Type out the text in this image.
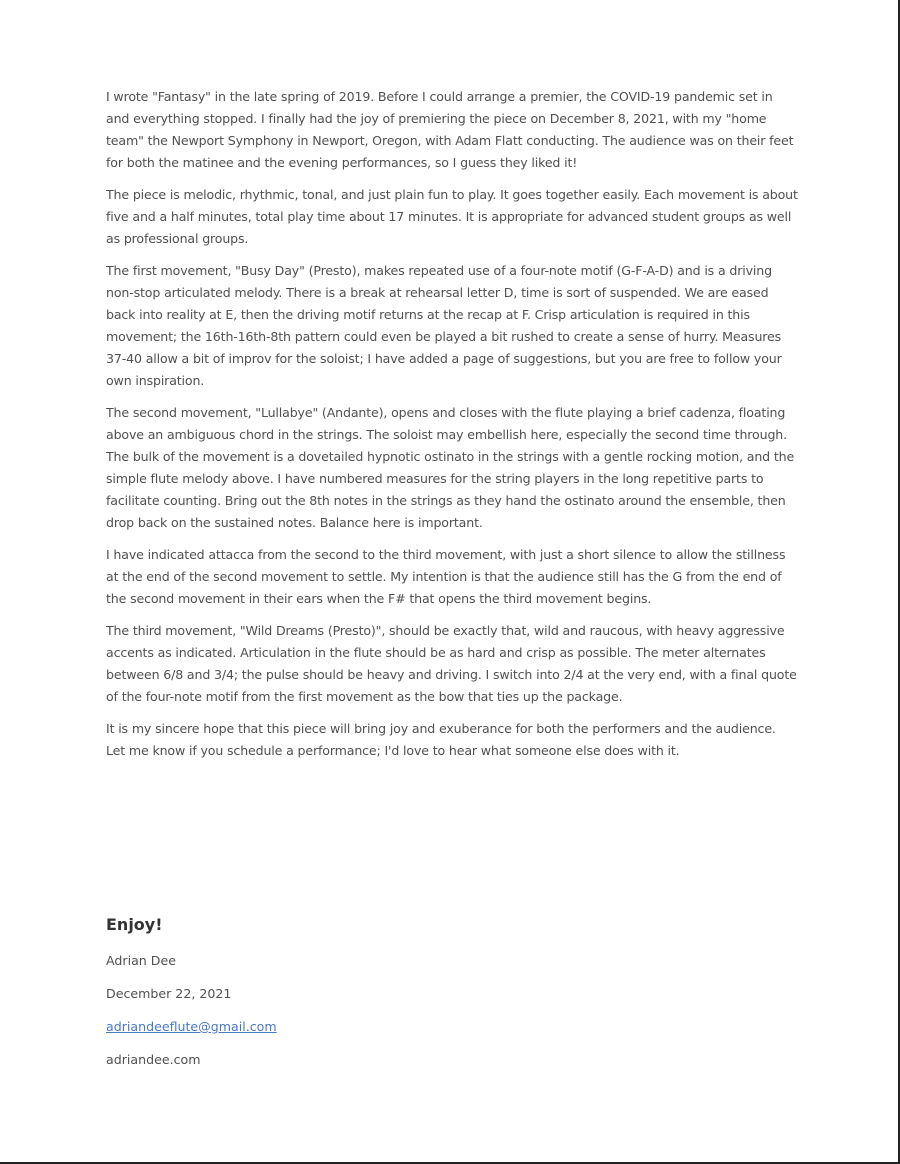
I wrote "Fantasy" in the late spring of 2019. Before I could arrange a premier, the COVID-19 pandemic set in and everything stopped. I finally had the joy of premiering the piece on December 8, 2021, with my "home team" the Newport Symphony in Newport, Oregon, with Adam Flatt conducting. The audience was on their feet for both the matinee and the evening performances, so I guess they liked it!

The piece is melodic, rhythmic, tonal, and just plain fun to play. It goes together easily. Each movement is about five and a half minutes, total play time about 17 minutes. It is appropriate for advanced student groups as well as professional groups.

The first movement, "Busy Day" (Presto), makes repeated use of a four-note motif (G-F-A-D) and is a driving non-stop articulated melody. There is a break at rehearsal letter D, time is sort of suspended. We are eased back into reality at E, then the driving motif returns at the recap at F. Crisp articulation is required in this movement; the 16th-16th-8th pattern could even be played a bit rushed to create a sense of hurry. Measures 37-40 allow a bit of improv for the soloist; I have added a page of suggestions, but you are free to follow your own inspiration.

The second movement, "Lullabye" (Andante), opens and closes with the flute playing a brief cadenza, floating above an ambiguous chord in the strings. The soloist may embellish here, especially the second time through. The bulk of the movement is a dovetailed hypnotic ostinato in the strings with a gentle rocking motion, and the simple flute melody above. I have numbered measures for the string players in the long repetitive parts to facilitate counting. Bring out the 8th notes in the strings as they hand the ostinato around the ensemble, then drop back on the sustained notes. Balance here is important.

I have indicated attacca from the second to the third movement, with just a short silence to allow the stillness at the end of the second movement to settle. My intention is that the audience still has the G from the end of the second movement in their ears when the F# that opens the third movement begins.

The third movement, "Wild Dreams (Presto)", should be exactly that, wild and raucous, with heavy aggressive accents as indicated. Articulation in the flute should be as hard and crisp as possible. The meter alternates between 6/8 and 3/4; the pulse should be heavy and driving. I switch into 2/4 at the very end, with a final quote of the four-note motif from the first movement as the bow that ties up the package.

It is my sincere hope that this piece will bring joy and exuberance for both the performers and the audience. Let me know if you schedule a performance; I'd love to hear what someone else does with it.

Enjoy!
Adrian Dee
December 22, 2021
adriandeeflute@gmail.com
adriandee.com
